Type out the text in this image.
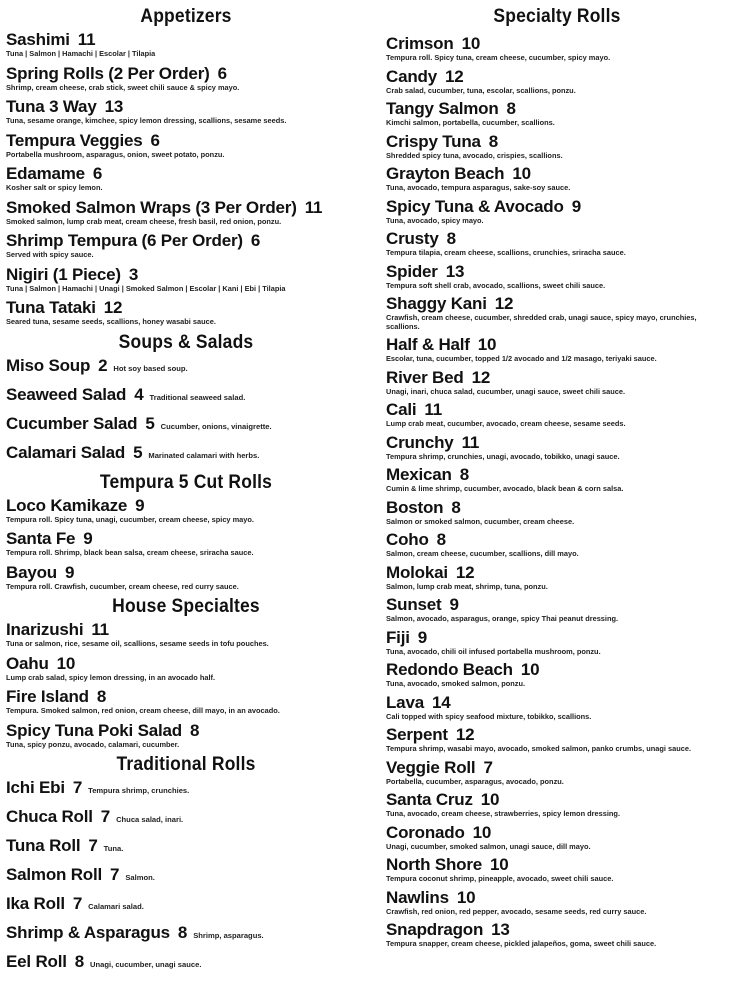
Appetizers
Sashimi 11
Tuna | Salmon | Hamachi | Escolar | Tilapia
Spring Rolls (2 Per Order) 6
Shrimp, cream cheese, crab stick, sweet chili sauce & spicy mayo.
Tuna 3 Way 13
Tuna, sesame orange, kimchee, spicy lemon dressing, scallions, sesame seeds.
Tempura Veggies 6
Portabella mushroom, asparagus, onion, sweet potato, ponzu.
Edamame 6
Kosher salt or spicy lemon.
Smoked Salmon Wraps (3 Per Order) 11
Smoked salmon, lump crab meat, cream cheese, fresh basil, red onion, ponzu.
Shrimp Tempura (6 Per Order) 6
Served with spicy sauce.
Nigiri (1 Piece) 3
Tuna | Salmon | Hamachi | Unagi | Smoked Salmon | Escolar | Kani | Ebi | Tilapia
Tuna Tataki 12
Seared tuna, sesame seeds, scallions, honey wasabi sauce.
Soups & Salads
Miso Soup 2 Hot soy based soup.
Seaweed Salad 4 Traditional seaweed salad.
Cucumber Salad 5 Cucumber, onions, vinaigrette.
Calamari Salad 5 Marinated calamari with herbs.
Tempura 5 Cut Rolls
Loco Kamikaze 9
Tempura roll. Spicy tuna, unagi, cucumber, cream cheese, spicy mayo.
Santa Fe 9
Tempura roll. Shrimp, black bean salsa, cream cheese, sriracha sauce.
Bayou 9
Tempura roll. Crawfish, cucumber, cream cheese, red curry sauce.
House Specialtes
Inarizushi 11
Tuna or salmon, rice, sesame oil, scallions, sesame seeds in tofu pouches.
Oahu 10
Lump crab salad, spicy lemon dressing, in an avocado half.
Fire Island 8
Tempura. Smoked salmon, red onion, cream cheese, dill mayo, in an avocado.
Spicy Tuna Poki Salad 8
Tuna, spicy ponzu, avocado, calamari, cucumber.
Traditional Rolls
Ichi Ebi 7 Tempura shrimp, crunchies.
Chuca Roll 7 Chuca salad, inari.
Tuna Roll 7 Tuna.
Salmon Roll 7 Salmon.
Ika Roll 7 Calamari salad.
Shrimp & Asparagus 8 Shrimp, asparagus.
Eel Roll 8 Unagi, cucumber, unagi sauce.
Specialty Rolls
Crimson 10
Tempura roll. Spicy tuna, cream cheese, cucumber, spicy mayo.
Candy 12
Crab salad, cucumber, tuna, escolar, scallions, ponzu.
Tangy Salmon 8
Kimchi salmon, portabella, cucumber, scallions.
Crispy Tuna 8
Shredded spicy tuna, avocado, crispies, scallions.
Grayton Beach 10
Tuna, avocado, tempura asparagus, sake-soy sauce.
Spicy Tuna & Avocado 9
Tuna, avocado, spicy mayo.
Crusty 8
Tempura tilapia, cream cheese, scallions, crunchies, sriracha sauce.
Spider 13
Tempura soft shell crab, avocado, scallions, sweet chili sauce.
Shaggy Kani 12
Crawfish, cream cheese, cucumber, shredded crab, unagi sauce, spicy mayo, crunchies, scallions.
Half & Half 10
Escolar, tuna, cucumber, topped 1/2 avocado and 1/2 masago, teriyaki sauce.
River Bed 12
Unagi, inari, chuca salad, cucumber, unagi sauce, sweet chili sauce.
Cali 11
Lump crab meat, cucumber, avocado, cream cheese, sesame seeds.
Crunchy 11
Tempura shrimp, crunchies, unagi, avocado, tobikko, unagi sauce.
Mexican 8
Cumin & lime shrimp, cucumber, avocado, black bean & corn salsa.
Boston 8
Salmon or smoked salmon, cucumber, cream cheese.
Coho 8
Salmon, cream cheese, cucumber, scallions, dill mayo.
Molokai 12
Salmon, lump crab meat, shrimp, tuna, ponzu.
Sunset 9
Salmon, avocado, asparagus, orange, spicy Thai peanut dressing.
Fiji 9
Tuna, avocado, chili oil infused portabella mushroom, ponzu.
Redondo Beach 10
Tuna, avocado, smoked salmon, ponzu.
Lava 14
Cali topped with spicy seafood mixture, tobikko, scallions.
Serpent 12
Tempura shrimp, wasabi mayo, avocado, smoked salmon, panko crumbs, unagi sauce.
Veggie Roll 7
Portabella, cucumber, asparagus, avocado, ponzu.
Santa Cruz 10
Tuna, avocado, cream cheese, strawberries, spicy lemon dressing.
Coronado 10
Unagi, cucumber, smoked salmon, unagi sauce, dill mayo.
North Shore 10
Tempura coconut shrimp, pineapple, avocado, sweet chili sauce.
Nawlins 10
Crawfish, red onion, red pepper, avocado, sesame seeds, red curry sauce.
Snapdragon 13
Tempura snapper, cream cheese, pickled jalapeños, goma, sweet chili sauce.
